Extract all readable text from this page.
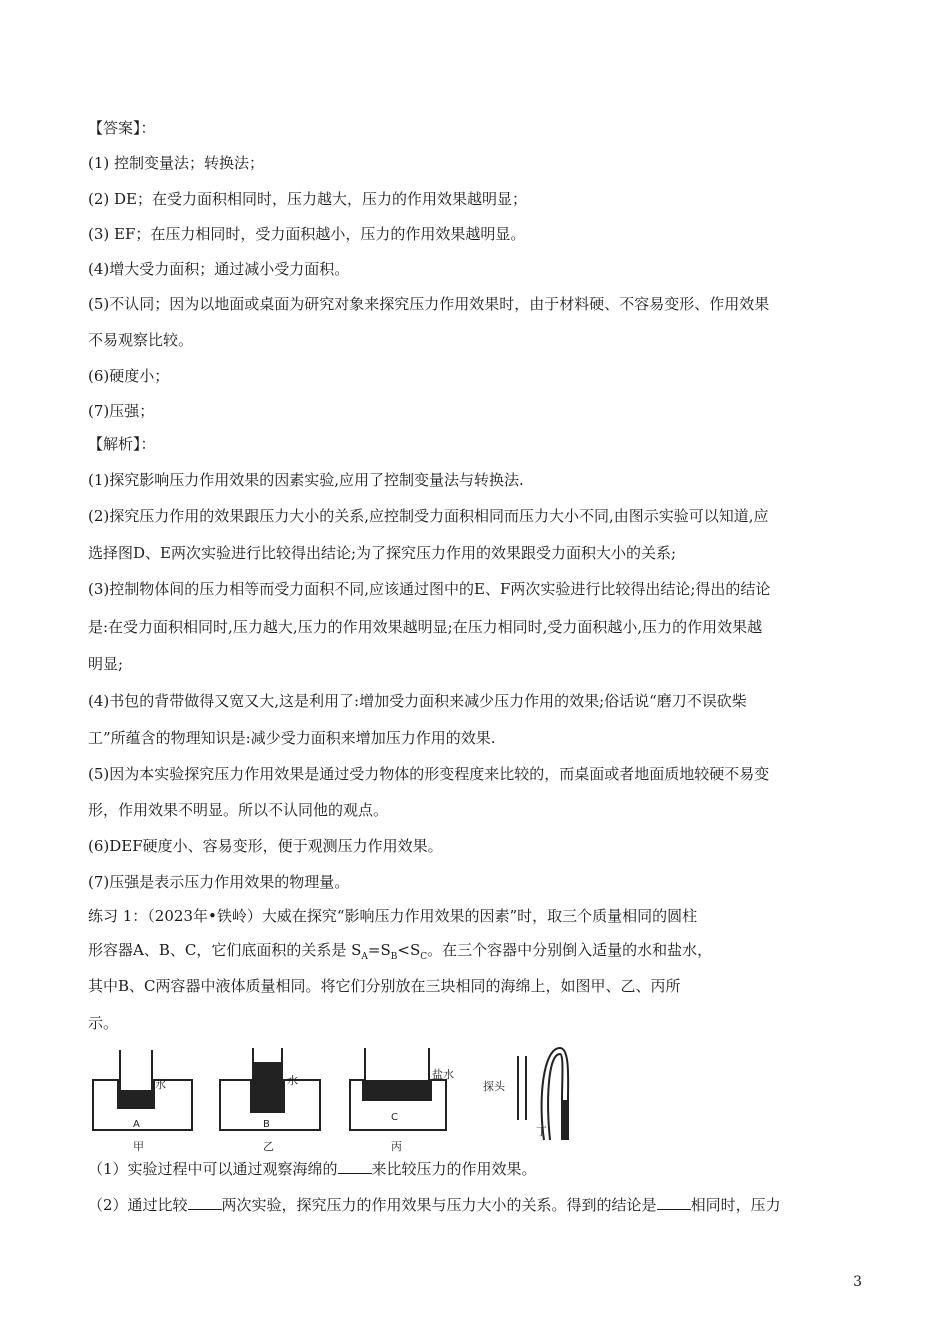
【答案】：
(1) 控制变量法；转换法；
(2) DE；在受力面积相同时，压力越大，压力的作用效果越明显；
(3) EF；在压力相同时，受力面积越小，压力的作用效果越明显。
(4)增大受力面积；通过减小受力面积。
(5)不认同；因为以地面或桌面为研究对象来探究压力作用效果时，由于材料硬、不容易变形、作用效果
不易观察比较。
(6)硬度小；
(7)压强；
【解析】：
(1)探究影响压力作用效果的因素实验,应用了控制变量法与转换法.
(2)探究压力作用的效果跟压力大小的关系,应控制受力面积相同而压力大小不同,由图示实验可以知道,应
选择图D、E两次实验进行比较得出结论;为了探究压力作用的效果跟受力面积大小的关系;
(3)控制物体间的压力相等而受力面积不同,应该通过图中的E、F两次实验进行比较得出结论;得出的结论
是:在受力面积相同时,压力越大,压力的作用效果越明显;在压力相同时,受力面积越小,压力的作用效果越
明显;
(4)书包的背带做得又宽又大,这是利用了:增加受力面积来减少压力作用的效果;俗话说“磨刀不误砍柴
工”所蕴含的物理知识是:减少受力面积来增加压力作用的效果.
(5)因为本实验探究压力作用效果是通过受力物体的形变程度来比较的，而桌面或者地面质地较硬不易变
形，作用效果不明显。所以不认同他的观点。
(6)DEF硬度小、容易变形，便于观测压力作用效果。
(7)压强是表示压力作用效果的物理量。
练习 1：（2023年•铁岭）大威在探究“影响压力作用效果的因素”时，取三个质量相同的圆柱
形容器A、B、C，它们底面积的关系是 $S_A=S_B<S_C$。在三个容器中分别倒入适量的水和盐水，
其中B、C两容器中液体质量相同。将它们分别放在三块相同的海绵上，如图甲、乙、丙所
示。
水
A
甲
水
B
乙
盐水
C
丙
探头
丁
（1）实验过程中可以通过观察海绵的 来比较压力的作用效果。
（2）通过比较 两次实验，探究压力的作用效果与压力大小的关系。得到的结论是 相同时，压力
3
